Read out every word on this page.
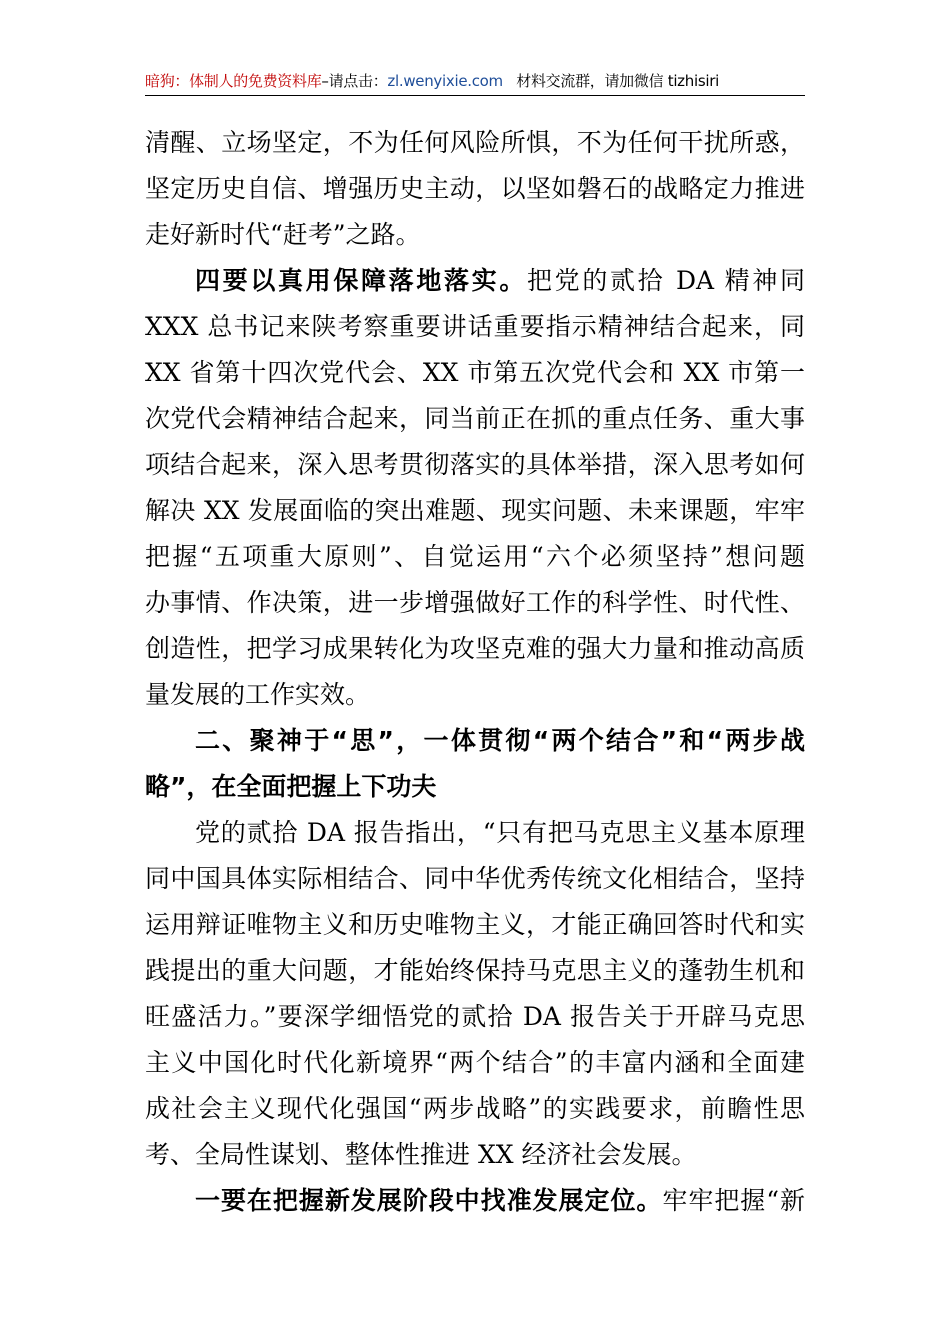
暗狗：体制人的免费资料库–请点击：zl.wenyixie.com 材料交流群，请加微信 tizhisiri
清醒、立场坚定，不为任何风险所惧，不为任何干扰所惑，
坚定历史自信、增强历史主动，以坚如磐石的战略定力推进
走好新时代“赶考”之路。
四要以真用保障落地落实。把党的贰拾 DA 精神同
XXX 总书记来陕考察重要讲话重要指示精神结合起来，同
XX 省第十四次党代会、XX 市第五次党代会和 XX 市第一
次党代会精神结合起来，同当前正在抓的重点任务、重大事
项结合起来，深入思考贯彻落实的具体举措，深入思考如何
解决 XX 发展面临的突出难题、现实问题、未来课题，牢牢
把握“五项重大原则”、自觉运用“六个必须坚持”想问题
办事情、作决策，进一步增强做好工作的科学性、时代性、
创造性，把学习成果转化为攻坚克难的强大力量和推动高质
量发展的工作实效。
二、聚神于“思”，一体贯彻“两个结合”和“两步战
略”，在全面把握上下功夫
党的贰拾 DA 报告指出，“只有把马克思主义基本原理
同中国具体实际相结合、同中华优秀传统文化相结合，坚持
运用辩证唯物主义和历史唯物主义，才能正确回答时代和实
践提出的重大问题，才能始终保持马克思主义的蓬勃生机和
旺盛活力。”要深学细悟党的贰拾 DA 报告关于开辟马克思
主义中国化时代化新境界“两个结合”的丰富内涵和全面建
成社会主义现代化强国“两步战略”的实践要求，前瞻性思
考、全局性谋划、整体性推进 XX 经济社会发展。
一要在把握新发展阶段中找准发展定位。牢牢把握“新
